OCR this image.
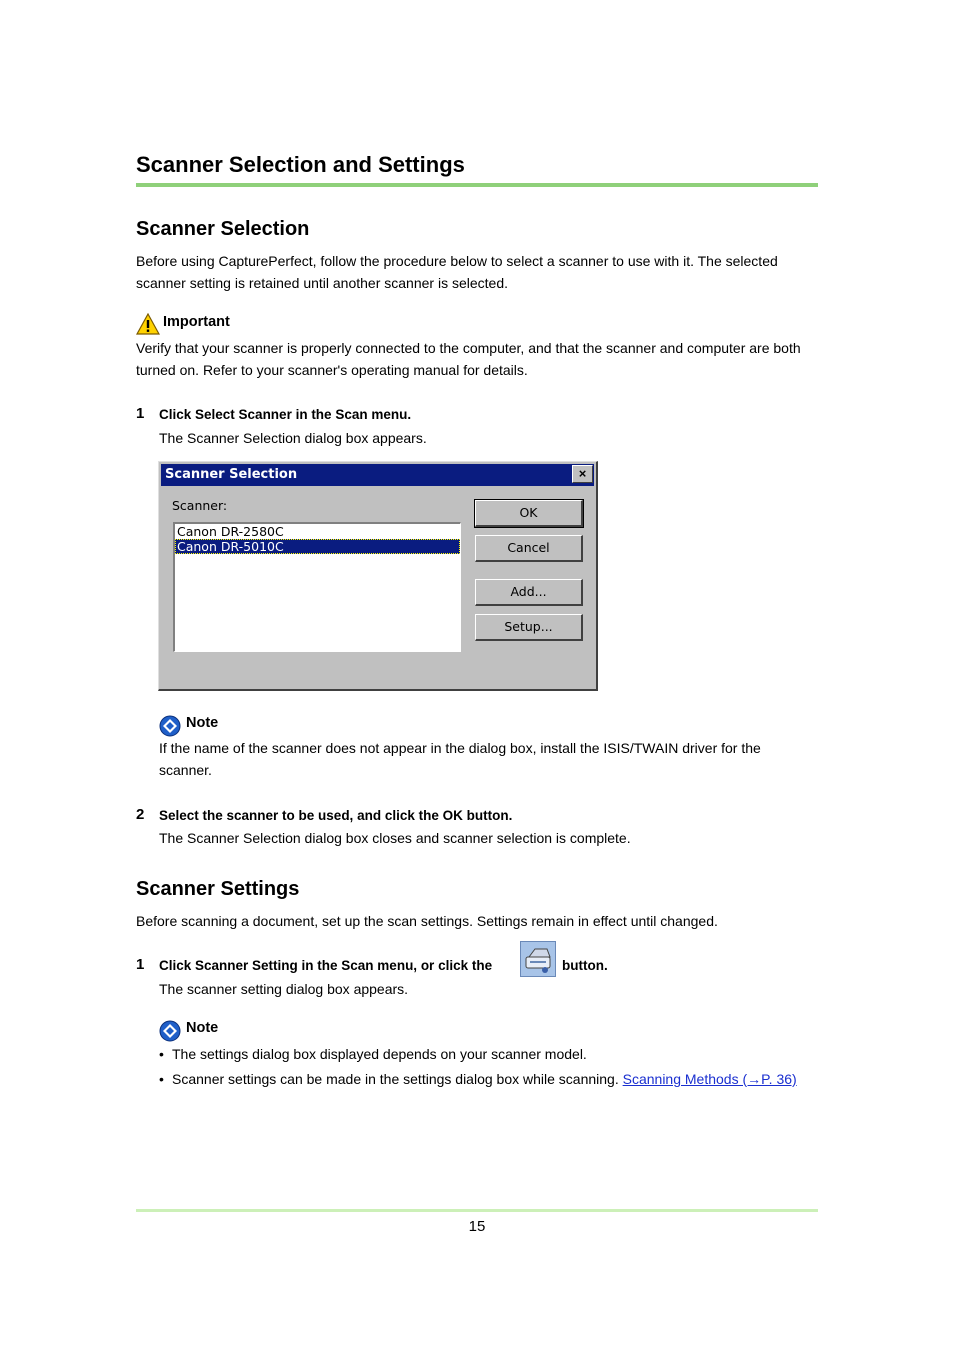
Scanner Selection and Settings
Scanner Selection
Before using CapturePerfect, follow the procedure below to select a scanner to use with it. The selected
scanner setting is retained until another scanner is selected.
Important
Verify that your scanner is properly connected to the computer, and that the scanner and computer are both
turned on. Refer to your scanner's operating manual for details.
1 Click Select Scanner in the Scan menu.
The Scanner Selection dialog box appears.
Scanner Selection	×
Scanner:
Canon DR-2580C
Canon DR-5010C
OK
Cancel
Add...
Setup...
Note
If the name of the scanner does not appear in the dialog box, install the ISIS/TWAIN driver for the
scanner.
2 Select the scanner to be used, and click the OK button.
The Scanner Selection dialog box closes and scanner selection is complete.
Scanner Settings
Before scanning a document, set up the scan settings. Settings remain in effect until changed.
1 Click Scanner Setting in the Scan menu, or click the	button.
The scanner setting dialog box appears.
Note
• The settings dialog box displayed depends on your scanner model.
• Scanner settings can be made in the settings dialog box while scanning. Scanning Methods (→P. 36)
15
